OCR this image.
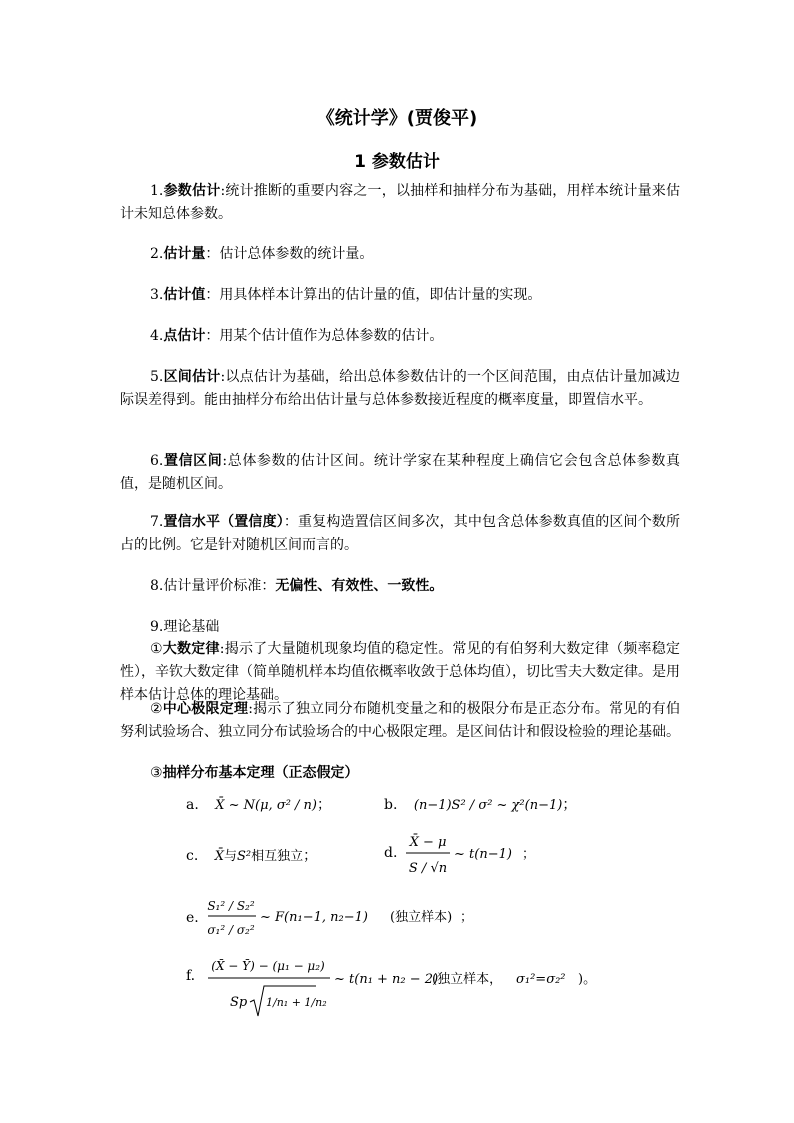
《统计学》(贾俊平)
1 参数估计
1.参数估计:统计推断的重要内容之一，以抽样和抽样分布为基础，用样本统计量来估计未知总体参数。
2.估计量：估计总体参数的统计量。
3.估计值：用具体样本计算出的估计量的值，即估计量的实现。
4.点估计：用某个估计值作为总体参数的估计。
5.区间估计:以点估计为基础，给出总体参数估计的一个区间范围，由点估计量加减边际误差得到。能由抽样分布给出估计量与总体参数接近程度的概率度量，即置信水平。
6.置信区间:总体参数的估计区间。统计学家在某种程度上确信它会包含总体参数真值，是随机区间。
7.置信水平（置信度）：重复构造置信区间多次，其中包含总体参数真值的区间个数所占的比例。它是针对随机区间而言的。
8.估计量评价标准：无偏性、有效性、一致性。
9.理论基础
①大数定律:揭示了大量随机现象均值的稳定性。常见的有伯努利大数定律（频率稳定性），辛钦大数定律（简单随机样本均值依概率收敛于总体均值），切比雪夫大数定律。是用样本估计总体的理论基础。
②中心极限定理:揭示了独立同分布随机变量之和的极限分布是正态分布。常见的有伯努利试验场合、独立同分布试验场合的中心极限定理。是区间估计和假设检验的理论基础。
③抽样分布基本定理（正态假定）
a. X̄ ~ N(μ, σ² / n)；	b. (n−1)S² / σ² ~ χ²(n−1)；
c. X̄与S²相互独立；	d.
X̄ − μ
S / √n
~ t(n−1) ；
e.
S₁² / S₂²
σ₁² / σ₂²
~ F(n₁−1, n₂−1) (独立样本) ；
f.
(X̄ − Ȳ) − (μ₁ − μ₂)
Sp 1/n₁ + 1/n₂
~ t(n₁ + n₂ − 2)
(独立样本， σ₁²=σ₂² )。
